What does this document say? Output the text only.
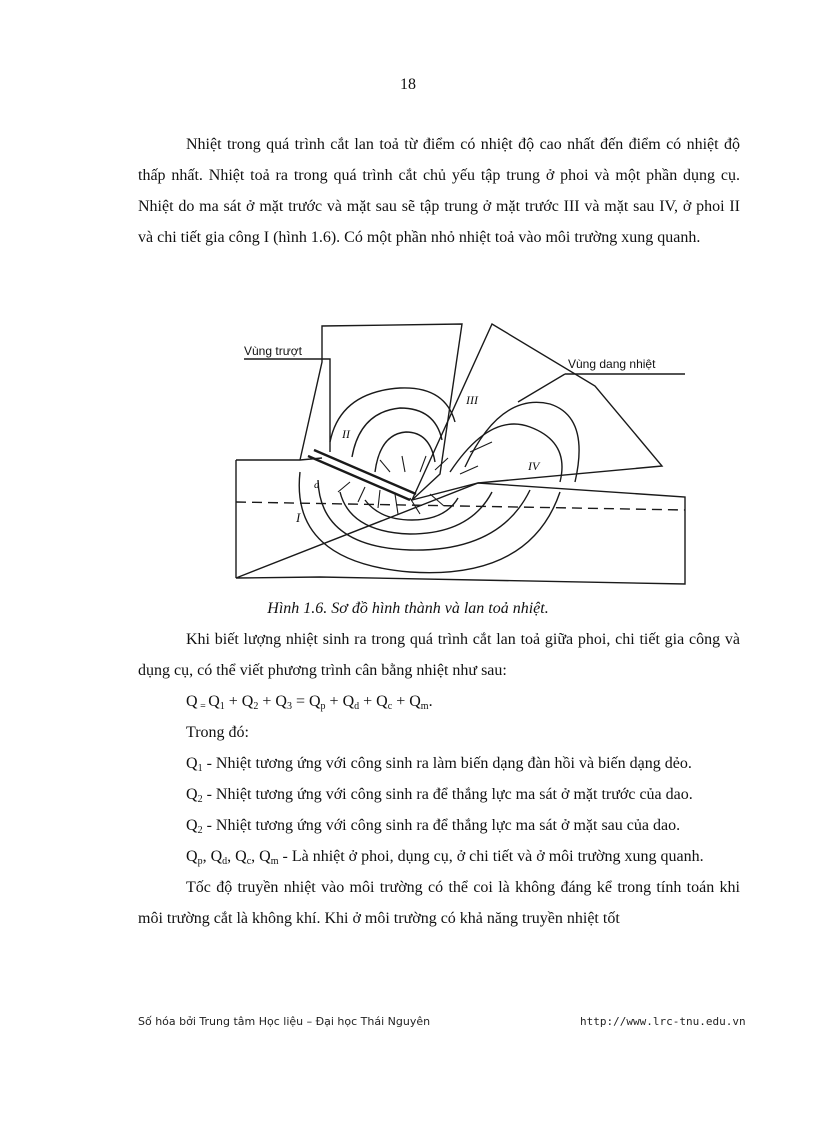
18

Nhiệt trong quá trình cắt lan toả từ điểm có nhiệt độ cao nhất đến điểm có nhiệt độ thấp nhất. Nhiệt toả ra trong quá trình cắt chủ yếu tập trung ở phoi và một phần dụng cụ. Nhiệt do ma sát ở mặt trước và mặt sau sẽ tập trung ở mặt trước III và mặt sau IV, ở phoi II và chi tiết gia công I (hình 1.6). Có một phần nhỏ nhiệt toả vào môi trường xung quanh.

Vùng trượt
Vùng dang nhiệt
I
II
III
IV
a
Hình 1.6. Sơ đồ hình thành và lan toả nhiệt.

Khi biết lượng nhiệt sinh ra trong quá trình cắt lan toả giữa phoi, chi tiết gia công và dụng cụ, có thể viết phương trình cân bằng nhiệt như sau:

Q $_=$ $Q_1 + Q_2 + Q_3 = Q_p + Q_d + Q_c + Q_m$.

Trong đó:

$Q_1$ - Nhiệt tương ứng với công sinh ra làm biến dạng đàn hồi và biến dạng dẻo.

$Q_2$ - Nhiệt tương ứng với công sinh ra để thắng lực ma sát ở mặt trước của dao.

$Q_2$ - Nhiệt tương ứng với công sinh ra để thắng lực ma sát ở mặt sau của dao.

$Q_p$, $Q_d$, $Q_c$, $Q_m$ - Là nhiệt ở phoi, dụng cụ, ở chi tiết và ở môi trường xung quanh.

Tốc độ truyền nhiệt vào môi trường có thể coi là không đáng kể trong tính toán khi môi trường cắt là không khí. Khi ở môi trường có khả năng truyền nhiệt tốt

Số hóa bởi Trung tâm Học liệu – Đại học Thái Nguyên	http://www.lrc-tnu.edu.vn
